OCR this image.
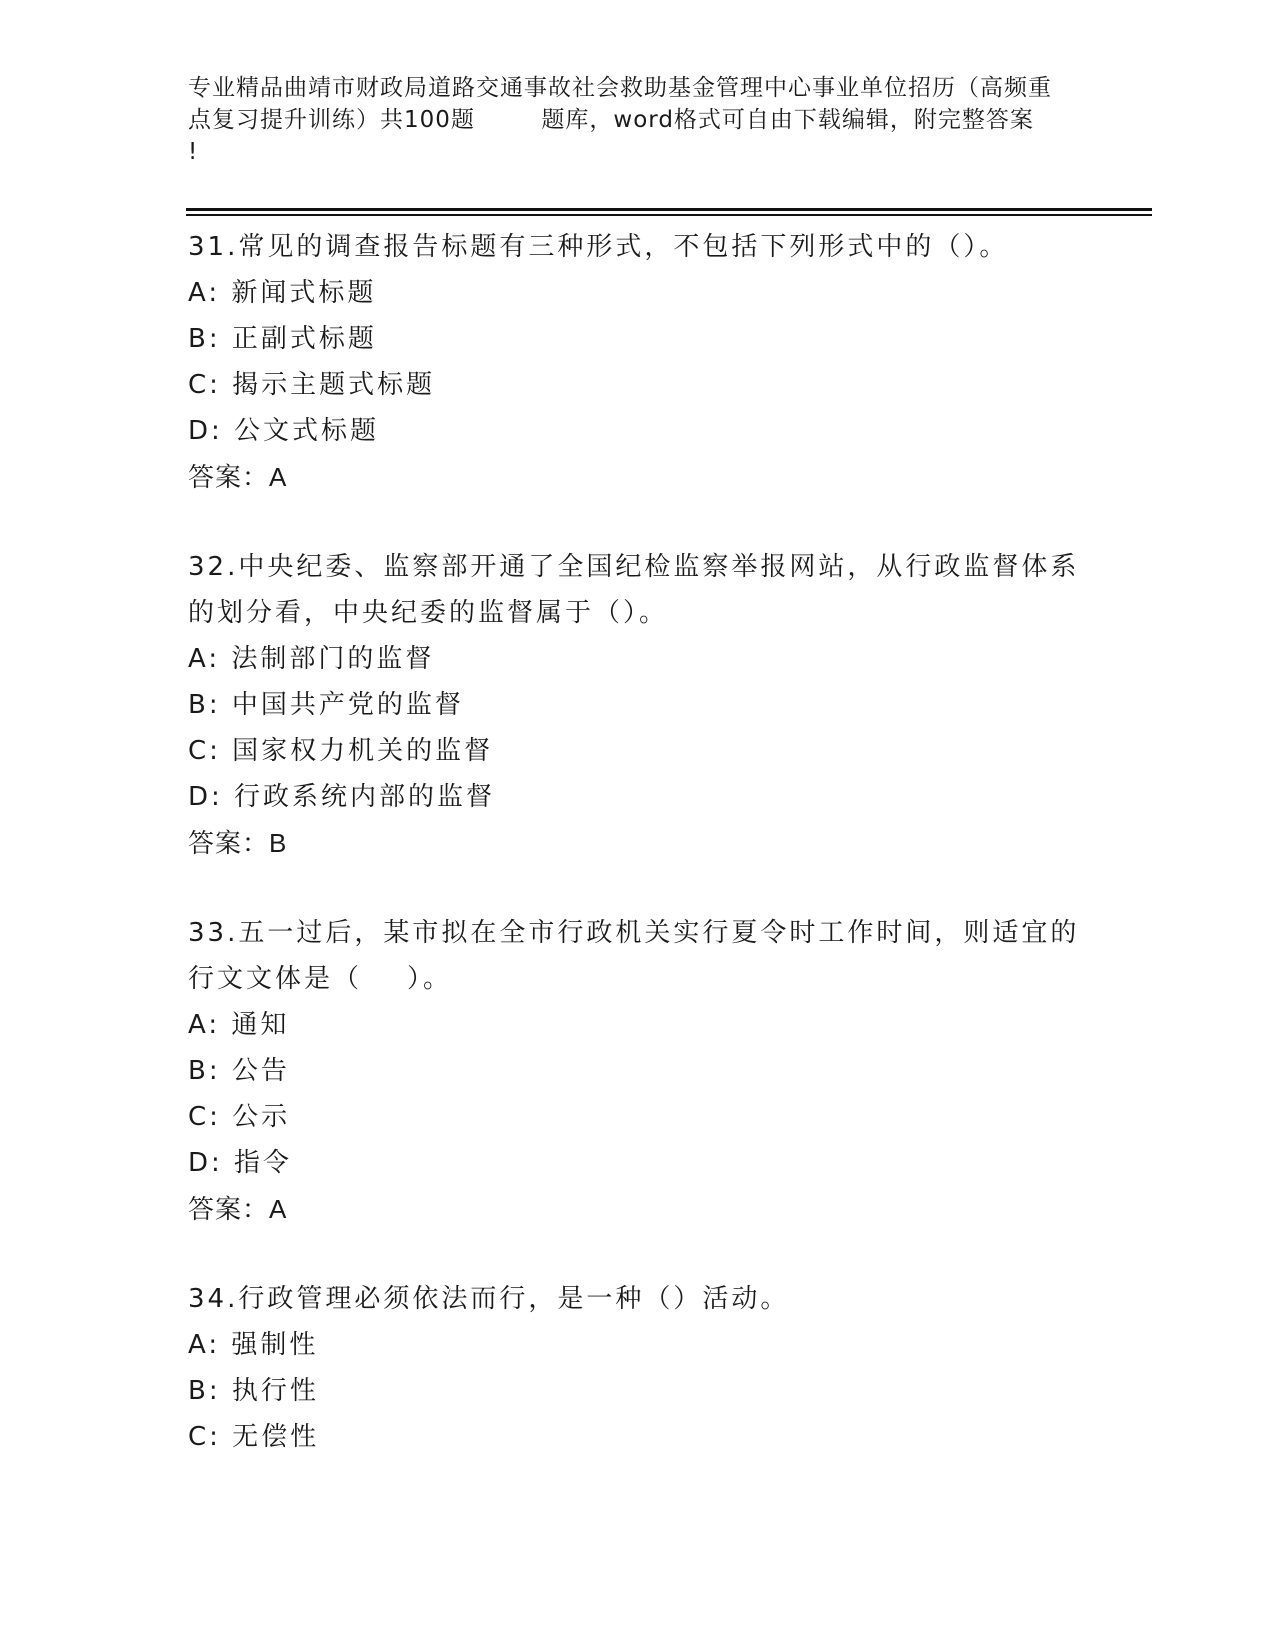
专业精品曲靖市财政局道路交通事故社会救助基金管理中心事业单位招历（高频重
点复习提升训练）共100题        题库，word格式可自由下载编辑，附完整答案
!

31.常见的调查报告标题有三种形式，不包括下列形式中的（）。

A: 新闻式标题

B: 正副式标题

C: 揭示主题式标题

D: 公文式标题

答案：A

32.中央纪委、监察部开通了全国纪检监察举报网站，从行政监督体系

的划分看，中央纪委的监督属于（）。

A: 法制部门的监督

B: 中国共产党的监督

C: 国家权力机关的监督

D: 行政系统内部的监督

答案：B

33.五一过后，某市拟在全市行政机关实行夏令时工作时间，则适宜的

行文文体是（    ）。

A: 通知

B: 公告

C: 公示

D: 指令

答案：A

34.行政管理必须依法而行，是一种（）活动。

A: 强制性

B: 执行性

C: 无偿性
